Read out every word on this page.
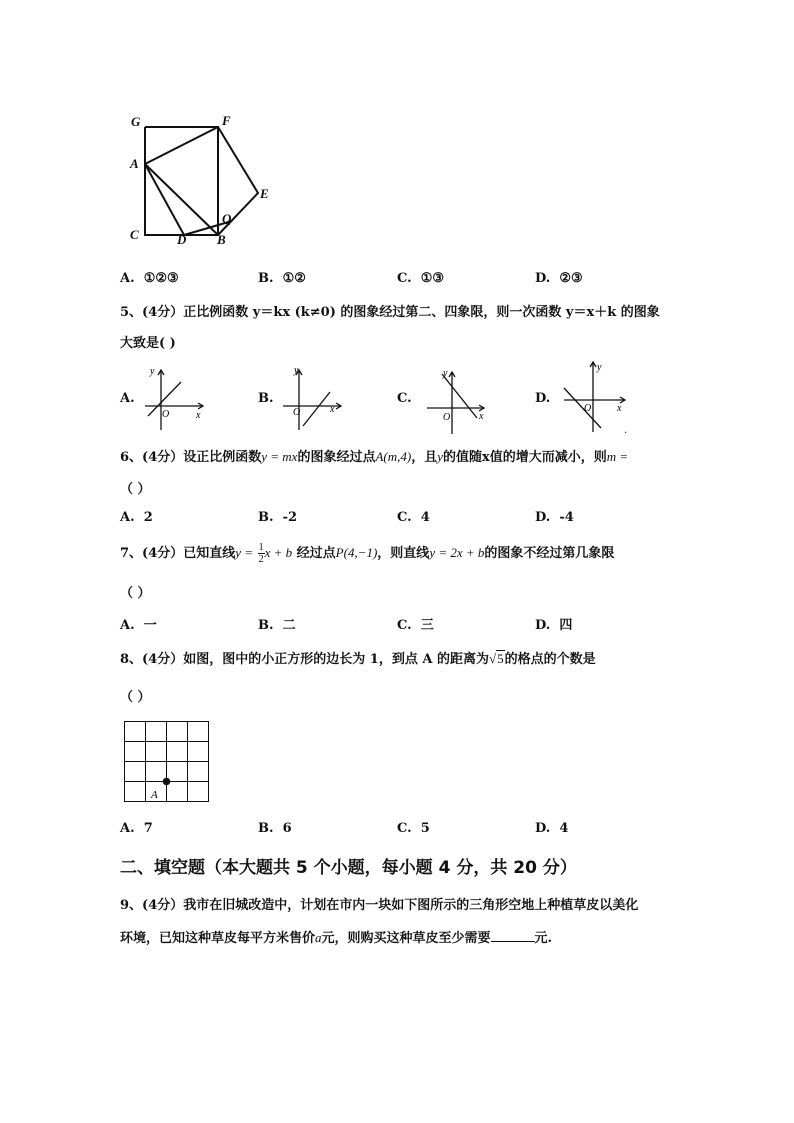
G	F
A
E
Q
C	D B
A. ①②③	B. ①②	C. ①③	D. ②③
5、(4分）正比例函数 y＝kx (k≠0) 的图象经过第二、四象限，则一次函数 y＝x＋k 的图象
大致是( )
A.
y
x
O
B.
y
x
O
C.
y
x
O
D.
y
x
O
6、(4分）设正比例函数y = mx的图象经过点A(m,4)，且y的值随x值的增大而减小，则m =
（ ）
A. 2	B. -2	C. 4	D. -4
7、(4分）已知直线$y = \frac{1}{2}$ x + b 经过点P(4,−1)，则直线y = 2x + b的图象不经过第几象限
（ ）
A. 一	B. 二	C. 三	D. 四
8、(4分）如图，图中的小正方形的边长为 1，到点 A 的距离为√5的格点的个数是
（ ）
A
A. 7	B. 6	C. 5	D. 4
二、填空题（本大题共 5 个小题，每小题 4 分，共 20 分）
9、(4分）我市在旧城改造中，计划在市内一块如下图所示的三角形空地上种植草皮以美化
环境，已知这种草皮每平方米售价a元，则购买这种草皮至少需要	元.
·
